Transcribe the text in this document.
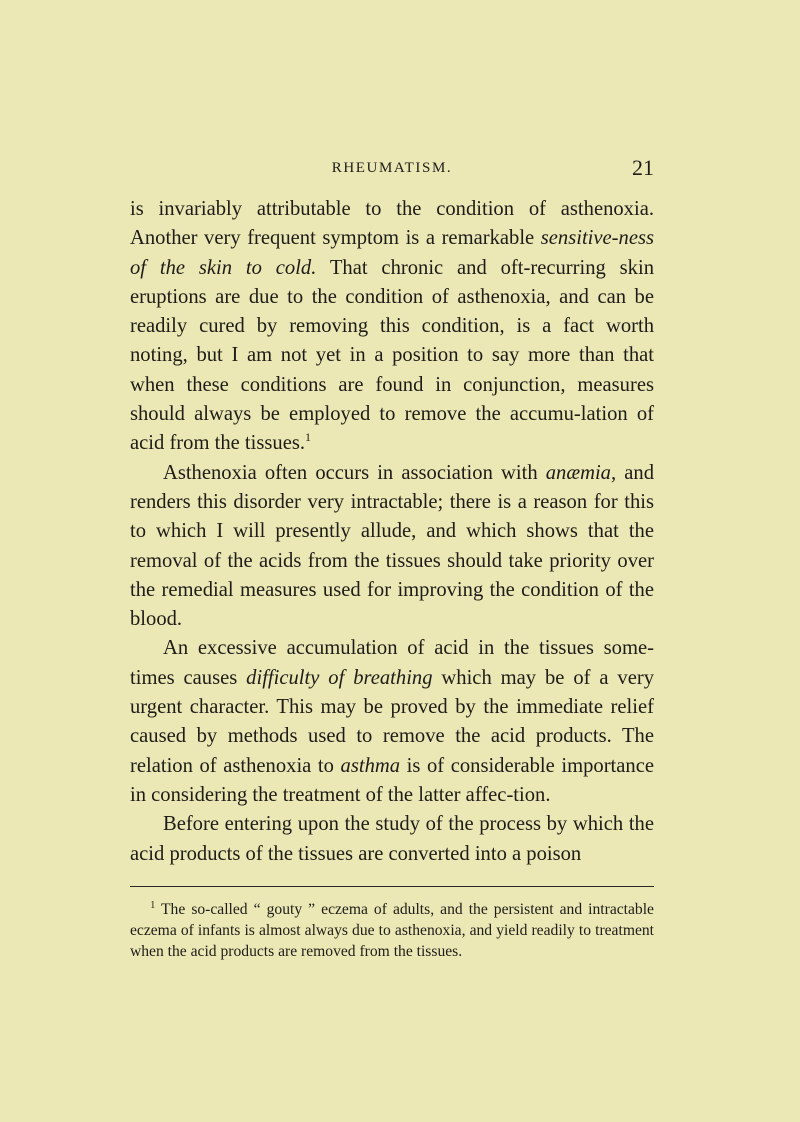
RHEUMATISM.	21

is invariably attributable to the condition of asthenoxia. Another very frequent symptom is a remarkable sensitive-ness of the skin to cold. That chronic and oft-recurring skin eruptions are due to the condition of asthenoxia, and can be readily cured by removing this condition, is a fact worth noting, but I am not yet in a position to say more than that when these conditions are found in conjunction, measures should always be employed to remove the accumu-lation of acid from the tissues.$^1$

Asthenoxia often occurs in association with anæmia, and renders this disorder very intractable; there is a reason for this to which I will presently allude, and which shows that the removal of the acids from the tissues should take priority over the remedial measures used for improving the condition of the blood.

An excessive accumulation of acid in the tissues some-times causes difficulty of breathing which may be of a very urgent character. This may be proved by the immediate relief caused by methods used to remove the acid products. The relation of asthenoxia to asthma is of considerable importance in considering the treatment of the latter affec-tion.

Before entering upon the study of the process by which the acid products of the tissues are converted into a poison

$^1$ The so-called “ gouty ” eczema of adults, and the persistent and intractable eczema of infants is almost always due to asthenoxia, and yield readily to treatment when the acid products are removed from the tissues.
